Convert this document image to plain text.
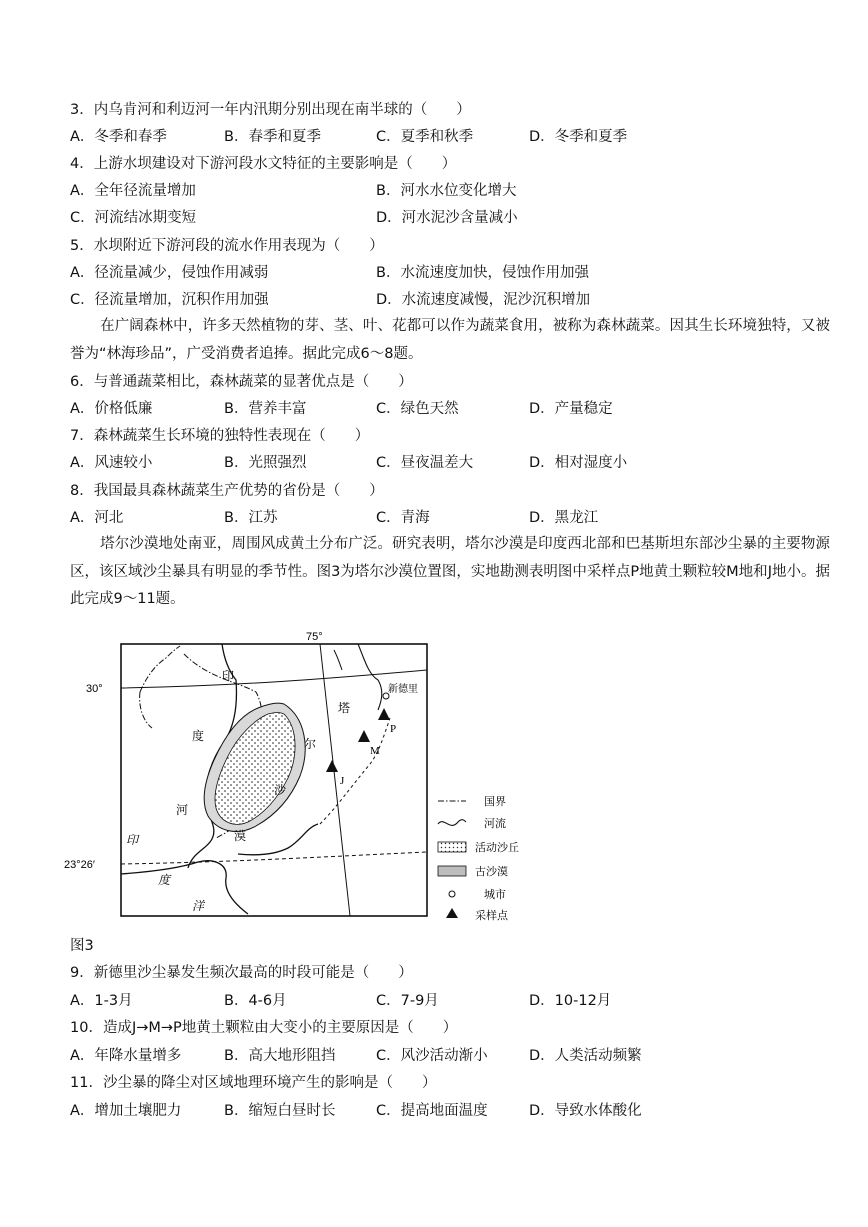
3．内乌肯河和利迈河一年内汛期分别出现在南半球的（　　）
A．冬季和春季	B．春季和夏季	C．夏季和秋季	D．冬季和夏季
4．上游水坝建设对下游河段水文特征的主要影响是（　　）
A．全年径流量增加	B．河水水位变化增大
C．河流结冰期变短	D．河水泥沙含量减小
5．水坝附近下游河段的流水作用表现为（　　）
A．径流量减少，侵蚀作用减弱	B．水流速度加快，侵蚀作用加强
C．径流量增加，沉积作用加强	D．水流速度减慢，泥沙沉积增加
在广阔森林中，许多天然植物的芽、茎、叶、花都可以作为蔬菜食用，被称为森林蔬菜。因其生长环境独特，又被誉为“林海珍品”，广受消费者追捧。据此完成6～8题。
6．与普通蔬菜相比，森林蔬菜的显著优点是（　　）
A．价格低廉	B．营养丰富	C．绿色天然	D．产量稳定
7．森林蔬菜生长环境的独特性表现在（　　）
A．风速较小	B．光照强烈	C．昼夜温差大	D．相对湿度小
8．我国最具森林蔬菜生产优势的省份是（　　）
A．河北	B．江苏	C．青海	D．黑龙江
塔尔沙漠地处南亚，周围风成黄土分布广泛。研究表明，塔尔沙漠是印度西北部和巴基斯坦东部沙尘暴的主要物源区，该区域沙尘暴具有明显的季节性。图3为塔尔沙漠位置图，实地勘测表明图中采样点P地黄土颗粒较M地和J地小。据此完成9～11题。
75°
30°
23°26′
印
度
河
塔
尔
沙
漠
印
度
洋
新德里
P
M
J
国界
河流
活动沙丘
古沙漠
城市
采样点
图3
9．新德里沙尘暴发生频次最高的时段可能是（　　）
A．1-3月	B．4-6月	C．7-9月	D．10-12月
10．造成J→M→P地黄土颗粒由大变小的主要原因是（　　）
A．年降水量增多	B．高大地形阻挡	C．风沙活动渐小	D．人类活动频繁
11．沙尘暴的降尘对区域地理环境产生的影响是（　　）
A．增加土壤肥力	B．缩短白昼时长	C．提高地面温度	D．导致水体酸化
